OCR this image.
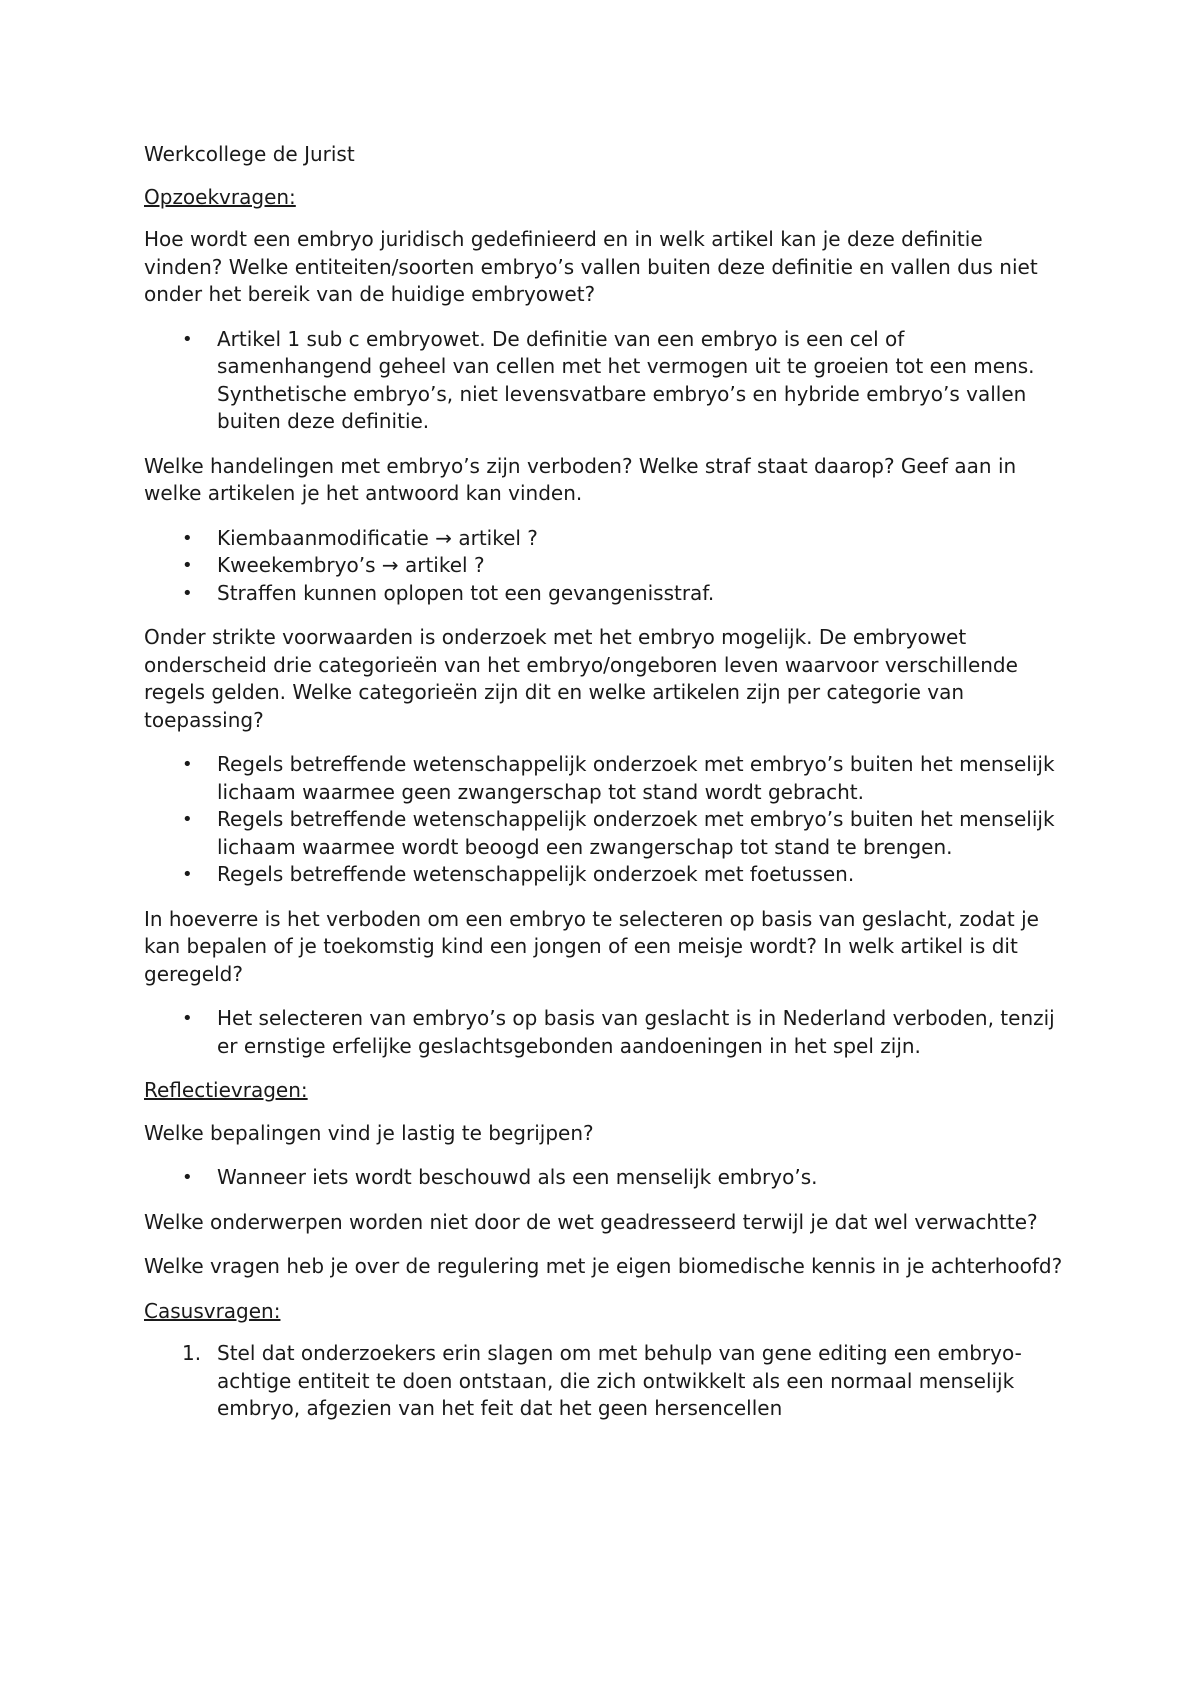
Werkcollege de Jurist

Opzoekvragen:

Hoe wordt een embryo juridisch gedefinieerd en in welk artikel kan je deze definitie vinden? Welke entiteiten/soorten embryo’s vallen buiten deze definitie en vallen dus niet onder het bereik van de huidige embryowet?

• Artikel 1 sub c embryowet. De definitie van een embryo is een cel of samenhangend geheel van cellen met het vermogen uit te groeien tot een mens. Synthetische embryo’s, niet levensvatbare embryo’s en hybride embryo’s vallen buiten deze definitie.

Welke handelingen met embryo’s zijn verboden? Welke straf staat daarop? Geef aan in welke artikelen je het antwoord kan vinden.

• Kiembaanmodificatie → artikel ?
• Kweekembryo’s → artikel ?
• Straffen kunnen oplopen tot een gevangenisstraf.

Onder strikte voorwaarden is onderzoek met het embryo mogelijk. De embryowet onderscheid drie categorieën van het embryo/ongeboren leven waarvoor verschillende regels gelden. Welke categorieën zijn dit en welke artikelen zijn per categorie van toepassing?

• Regels betreffende wetenschappelijk onderzoek met embryo’s buiten het menselijk lichaam waarmee geen zwangerschap tot stand wordt gebracht.
• Regels betreffende wetenschappelijk onderzoek met embryo’s buiten het menselijk lichaam waarmee wordt beoogd een zwangerschap tot stand te brengen.
• Regels betreffende wetenschappelijk onderzoek met foetussen.

In hoeverre is het verboden om een embryo te selecteren op basis van geslacht, zodat je kan bepalen of je toekomstig kind een jongen of een meisje wordt? In welk artikel is dit geregeld?

• Het selecteren van embryo’s op basis van geslacht is in Nederland verboden, tenzij er ernstige erfelijke geslachtsgebonden aandoeningen in het spel zijn.

Reflectievragen:

Welke bepalingen vind je lastig te begrijpen?

• Wanneer iets wordt beschouwd als een menselijk embryo’s.

Welke onderwerpen worden niet door de wet geadresseerd terwijl je dat wel verwachtte?

Welke vragen heb je over de regulering met je eigen biomedische kennis in je achterhoofd?

Casusvragen:

1. Stel dat onderzoekers erin slagen om met behulp van gene editing een embryo-achtige entiteit te doen ontstaan, die zich ontwikkelt als een normaal menselijk embryo, afgezien van het feit dat het geen hersencellen
